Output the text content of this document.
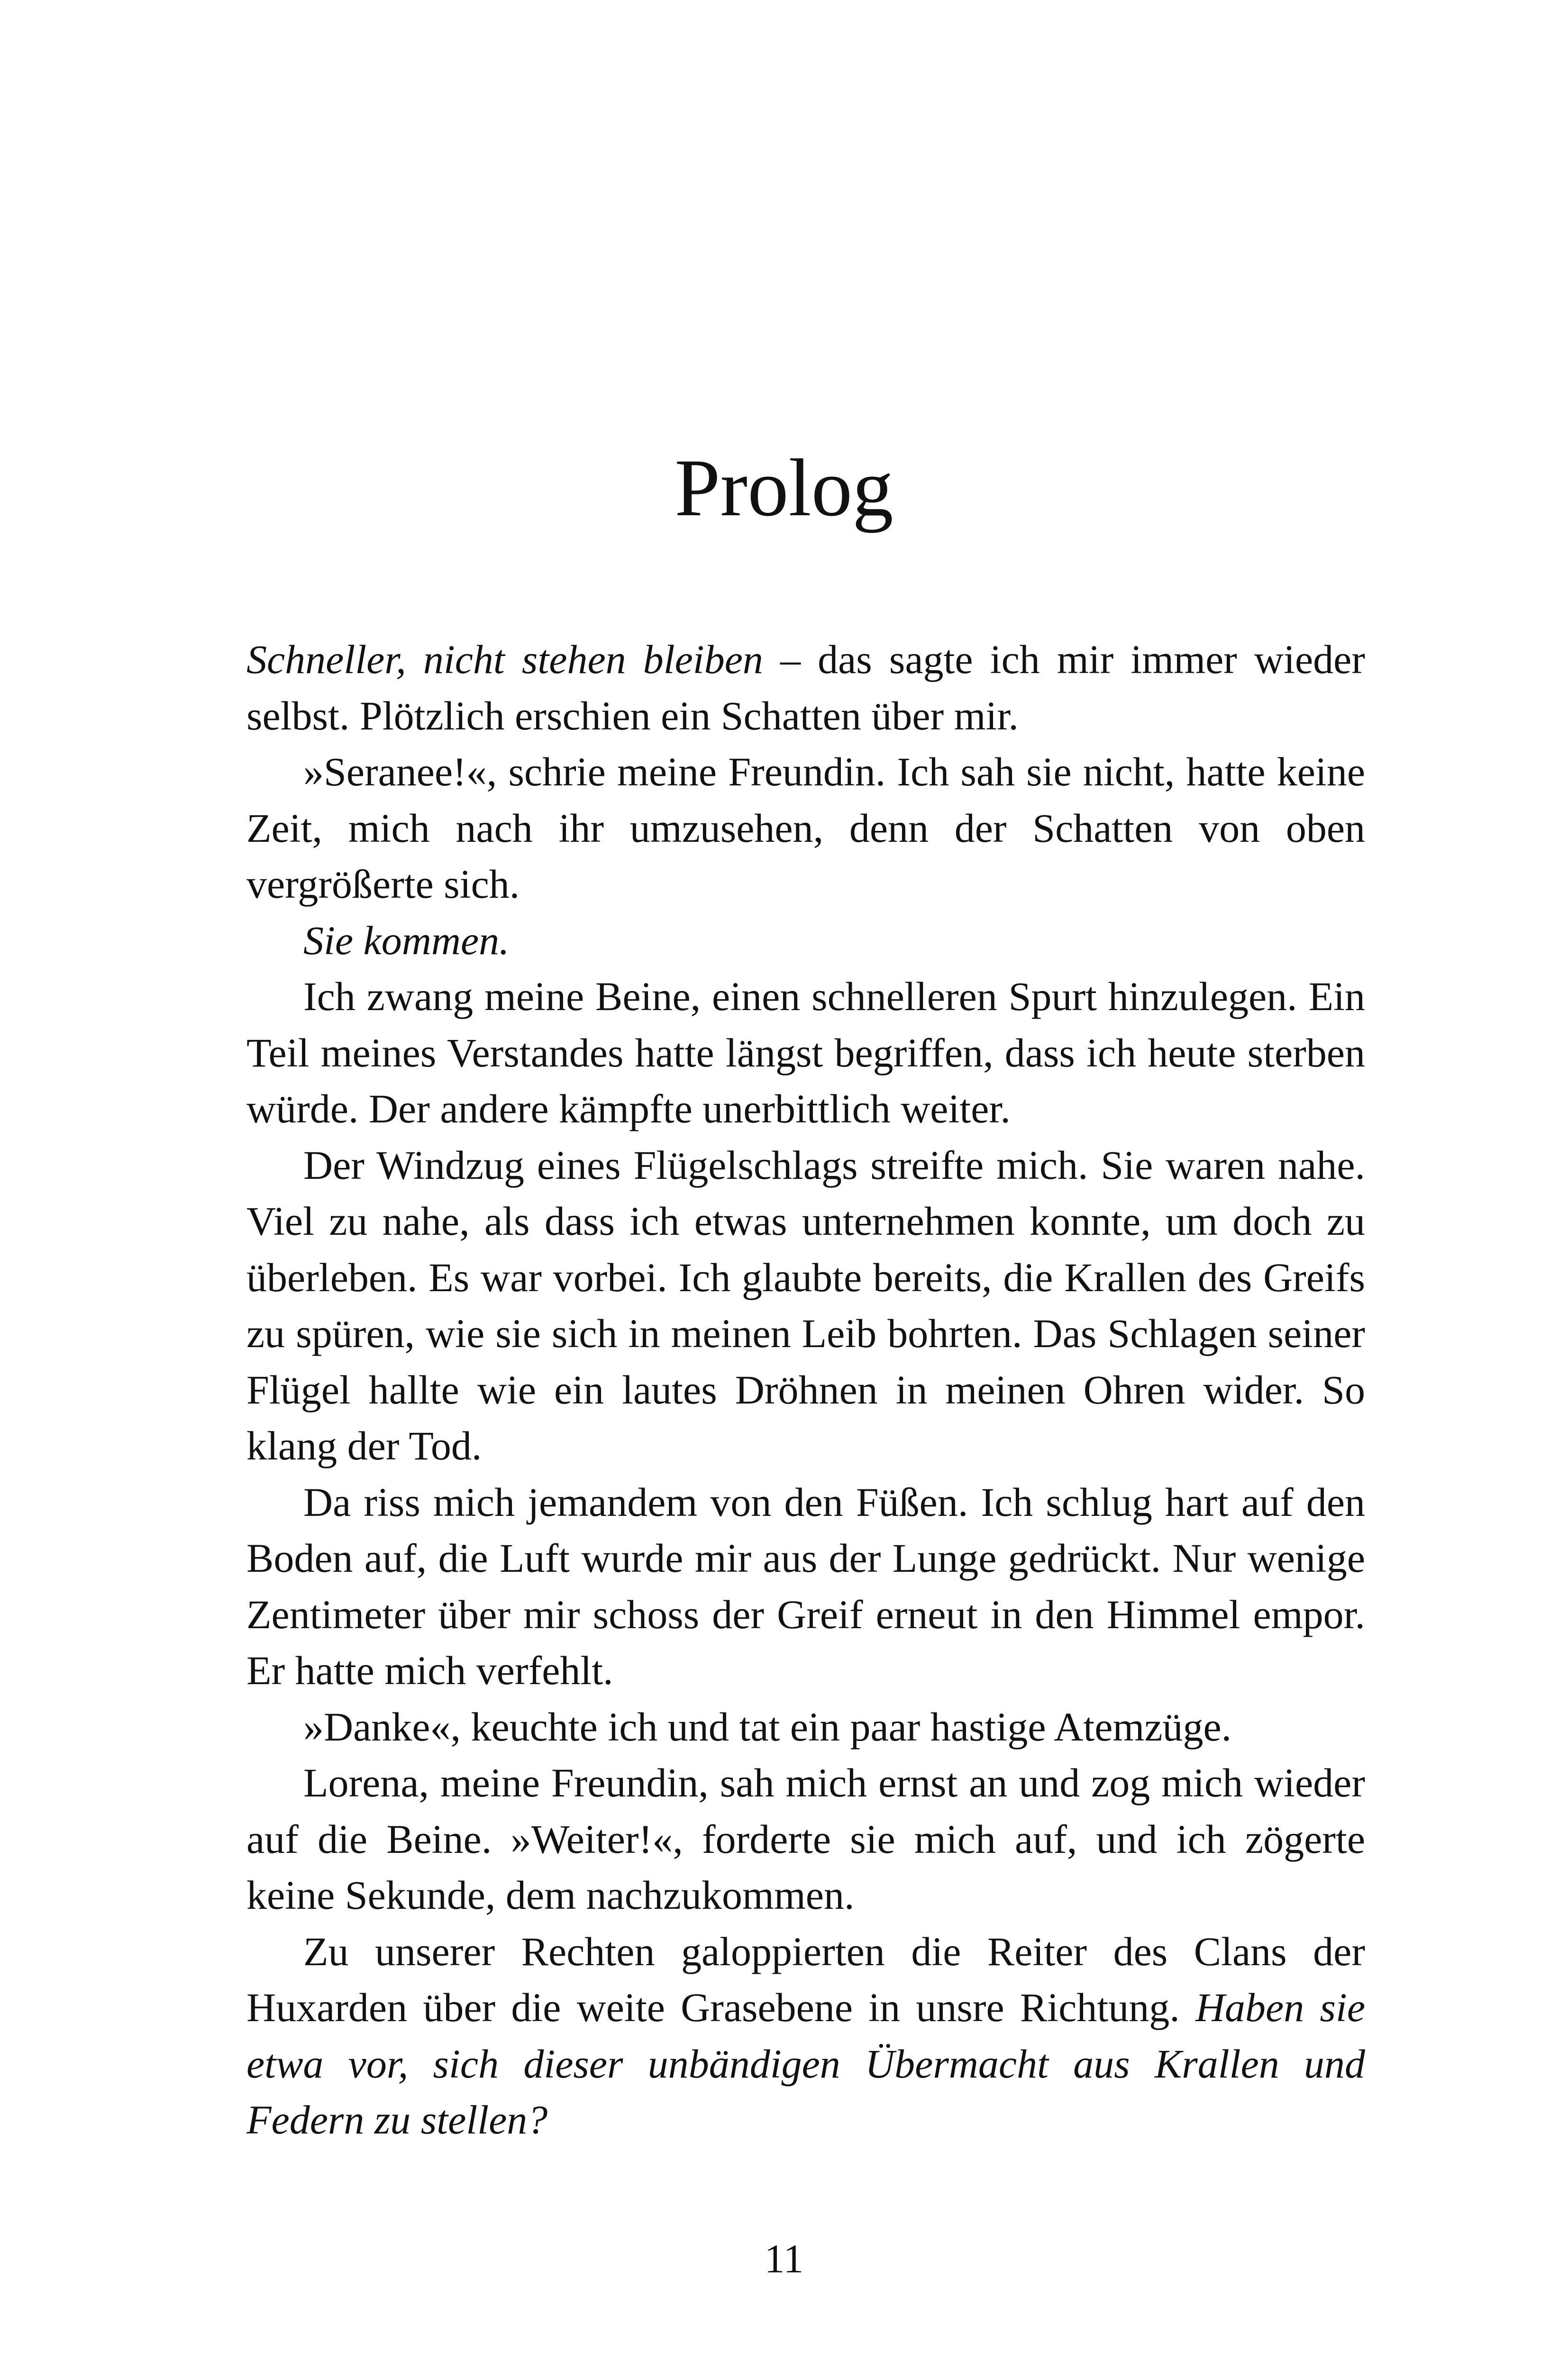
Prolog

Schneller, nicht stehen bleiben – das sagte ich mir immer wieder selbst. Plötzlich erschien ein Schatten über mir.

»Seranee!«, schrie meine Freundin. Ich sah sie nicht, hatte keine Zeit, mich nach ihr umzusehen, denn der Schatten von oben vergrößerte sich.

Sie kommen.

Ich zwang meine Beine, einen schnelleren Spurt hinzulegen. Ein Teil meines Verstandes hatte längst begriffen, dass ich heute sterben würde. Der andere kämpfte unerbittlich weiter.

Der Windzug eines Flügelschlags streifte mich. Sie waren nahe. Viel zu nahe, als dass ich etwas unternehmen konnte, um doch zu überleben. Es war vorbei. Ich glaubte bereits, die Krallen des Greifs zu spüren, wie sie sich in meinen Leib bohrten. Das Schlagen seiner Flügel hallte wie ein lautes Dröhnen in meinen Ohren wider. So klang der Tod.

Da riss mich jemandem von den Füßen. Ich schlug hart auf den Boden auf, die Luft wurde mir aus der Lunge gedrückt. Nur wenige Zentimeter über mir schoss der Greif erneut in den Himmel empor. Er hatte mich verfehlt.

»Danke«, keuchte ich und tat ein paar hastige Atemzüge.

Lorena, meine Freundin, sah mich ernst an und zog mich wieder auf die Beine. »Weiter!«, forderte sie mich auf, und ich zögerte keine Sekunde, dem nachzukommen.

Zu unserer Rechten galoppierten die Reiter des Clans der Huxarden über die weite Grasebene in unsre Richtung. Haben sie etwa vor, sich dieser unbändigen Übermacht aus Krallen und Federn zu stellen?

11
